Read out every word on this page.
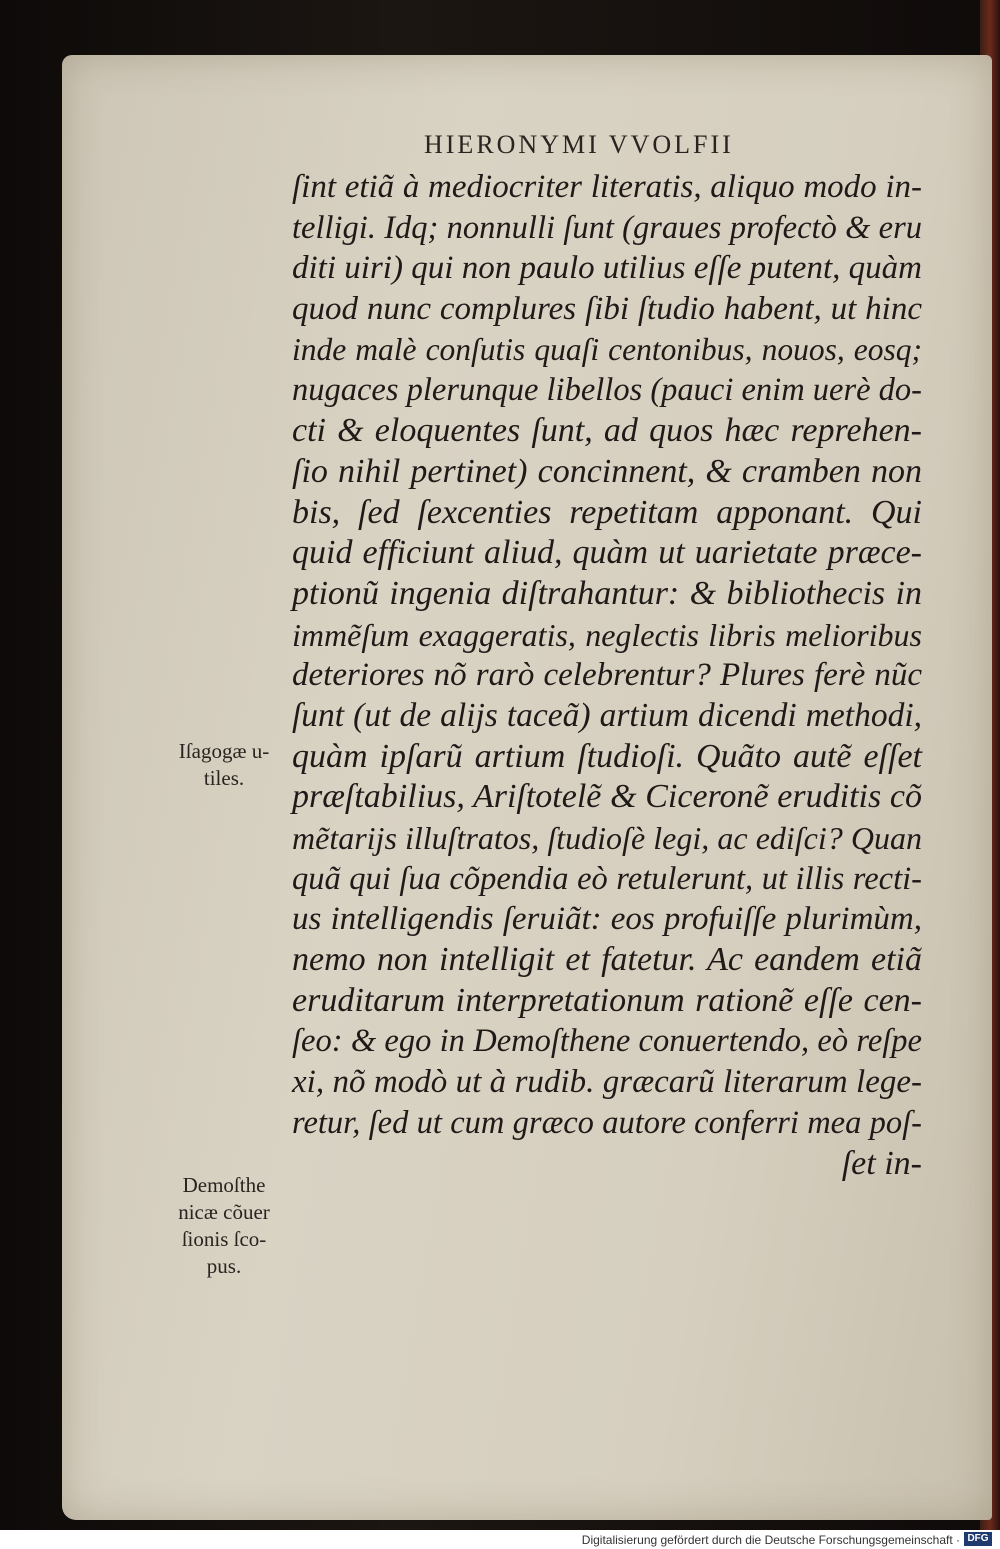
HIERONYMI VVOLFII
ſint etiã à mediocriter literatis, aliquo modo in-
telligi. Idq; nonnulli ſunt (graues profectò & eru
diti uiri) qui non paulo utilius eſſe putent, quàm
quod nunc complures ſibi ſtudio habent, ut hinc
inde malè conſutis quaſi centonibus, nouos, eosq;
nugaces plerunque libellos (pauci enim uerè do-
cti & eloquentes ſunt, ad quos hæc reprehen-
ſio nihil pertinet) concinnent, & cramben non
bis, ſed ſexcenties repetitam apponant. Qui
quid efficiunt aliud, quàm ut uarietate præce-
ptionũ ingenia diſtrahantur: & bibliothecis in
immẽſum exaggeratis, neglectis libris melioribus
deteriores nõ rarò celebrentur? Plures ferè nũc
ſunt (ut de alijs taceã) artium dicendi methodi,
quàm ipſarũ artium ſtudioſi. Quãto autẽ eſſet
præſtabilius, Ariſtotelẽ & Ciceronẽ eruditis cõ
mẽtarijs illuſtratos, ſtudioſè legi, ac ediſci? Quan
quã qui ſua cõpendia eò retulerunt, ut illis recti-
us intelligendis ſeruiãt: eos profuiſſe plurimùm,
nemo non intelligit et fatetur. Ac eandem etiã
eruditarum interpretationum rationẽ eſſe cen-
ſeo: & ego in Demoſthene conuertendo, eò reſpe
xi, nõ modò ut à rudib. græcarũ literarum lege-
retur, ſed ut cum græco autore conferri mea poſ-
ſet in-
Iſagogæ u-
tiles.
Demoſthe
nicæ cõuer
ſionis ſco-
pus.
Digitalisierung gefördert durch die Deutsche Forschungsgemeinschaft · DFG
